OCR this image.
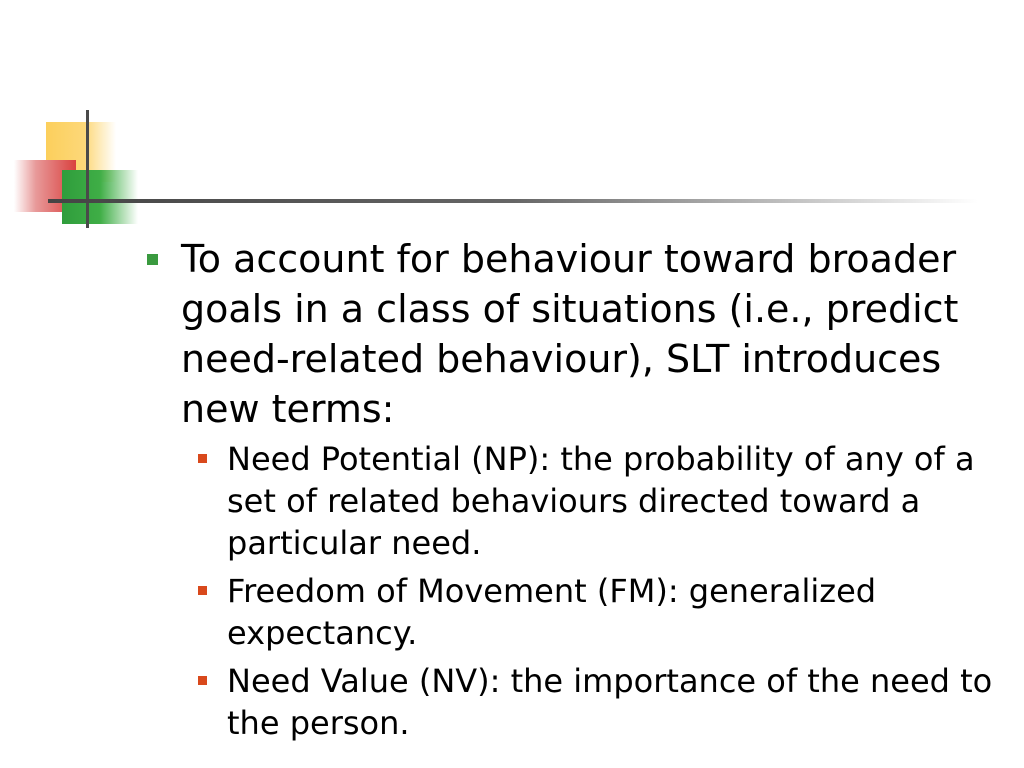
To account for behaviour toward broader goals in a class of situations (i.e., predict need-related behaviour), SLT introduces new terms:
Need Potential (NP): the probability of any of a set of related behaviours directed toward a particular need.
Freedom of Movement (FM): generalized expectancy.
Need Value (NV): the importance of the need to the person.
